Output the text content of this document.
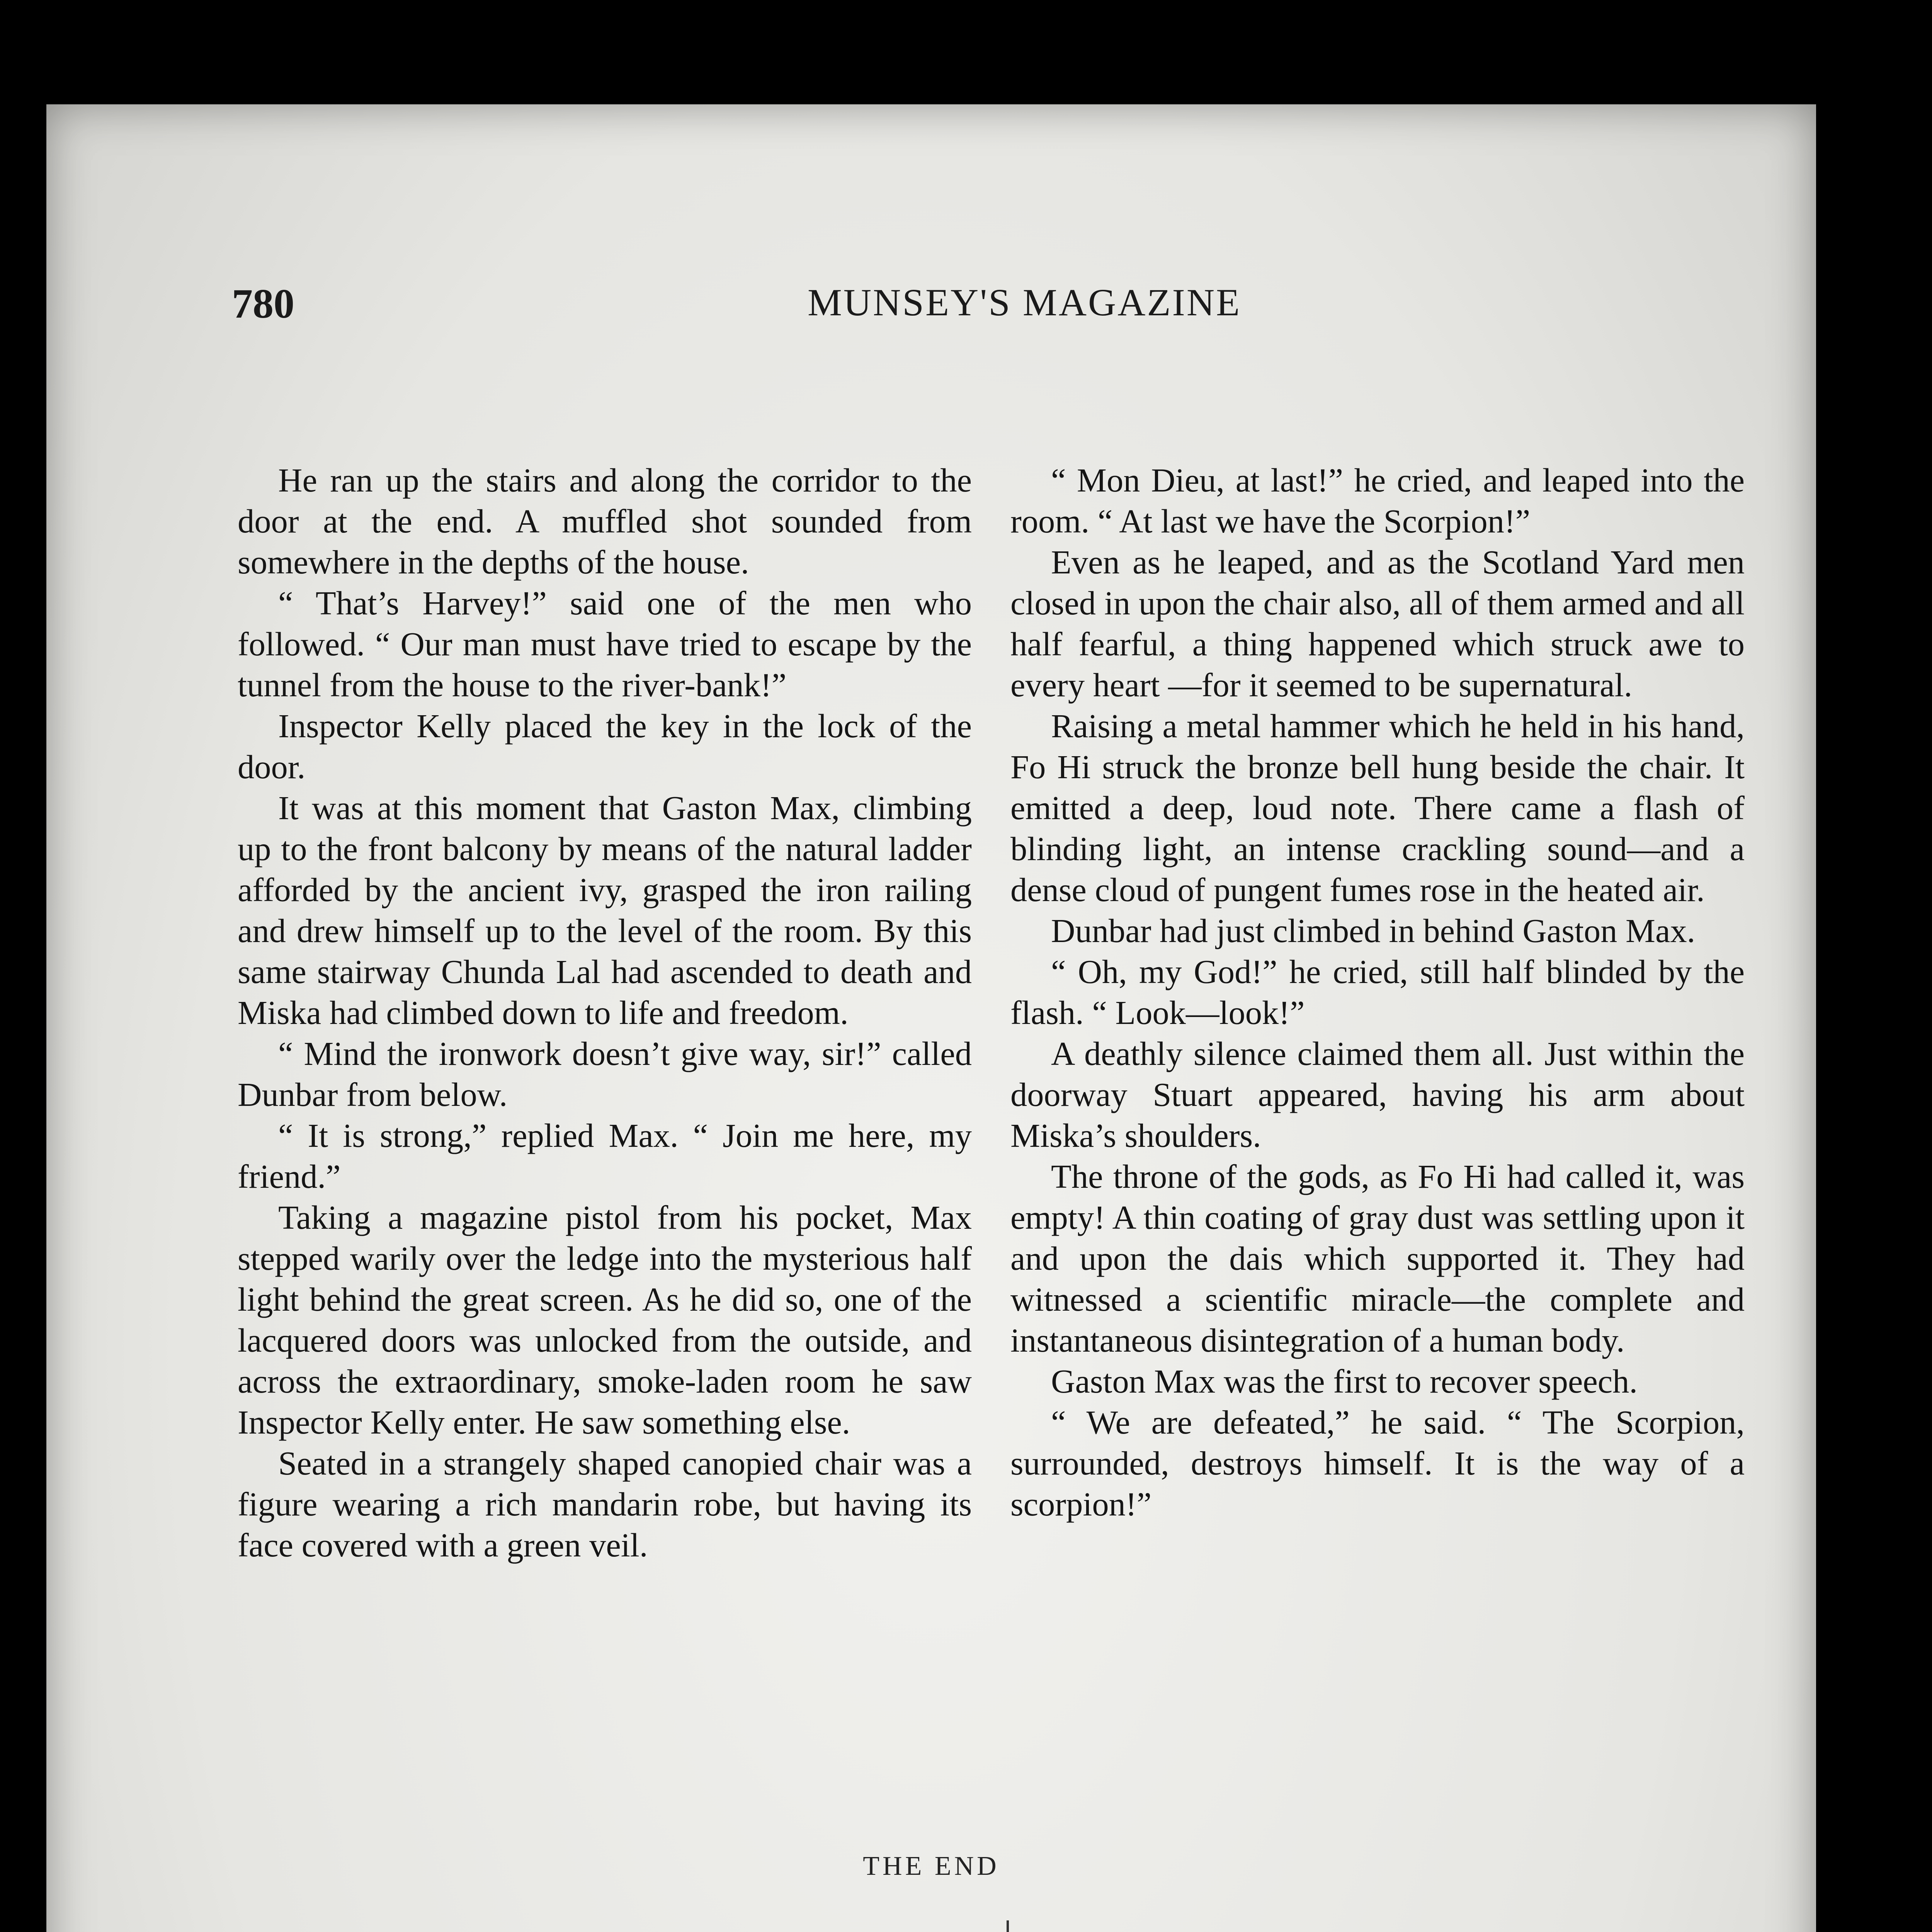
780	MUNSEY'S MAGAZINE

He ran up the stairs and along the corridor to the door at the end. A muffled shot sounded from somewhere in the depths of the house.

“ That’s Harvey!” said one of the men who followed. “ Our man must have tried to escape by the tunnel from the house to the river-bank!”

Inspector Kelly placed the key in the lock of the door.

It was at this moment that Gaston Max, climbing up to the front balcony by means of the natural ladder afforded by the ancient ivy, grasped the iron railing and drew himself up to the level of the room. By this same stairway Chunda Lal had ascended to death and Miska had climbed down to life and freedom.

“ Mind the ironwork doesn’t give way, sir!” called Dunbar from below.

“ It is strong,” replied Max. “ Join me here, my friend.”

Taking a magazine pistol from his pocket, Max stepped warily over the ledge into the mysterious half light behind the great screen. As he did so, one of the lacquered doors was unlocked from the outside, and across the extraordinary, smoke-laden room he saw Inspector Kelly enter. He saw something else.

Seated in a strangely shaped canopied chair was a figure wearing a rich mandarin robe, but having its face covered with a green veil.

“ Mon Dieu, at last!” he cried, and leaped into the room. “ At last we have the Scorpion!”

Even as he leaped, and as the Scotland Yard men closed in upon the chair also, all of them armed and all half fearful, a thing happened which struck awe to every heart —for it seemed to be supernatural.

Raising a metal hammer which he held in his hand, Fo Hi struck the bronze bell hung beside the chair. It emitted a deep, loud note. There came a flash of blinding light, an intense crackling sound—and a dense cloud of pungent fumes rose in the heated air.

Dunbar had just climbed in behind Gaston Max.

“ Oh, my God!” he cried, still half blinded by the flash. “ Look—look!”

A deathly silence claimed them all. Just within the doorway Stuart appeared, having his arm about Miska’s shoulders.

The throne of the gods, as Fo Hi had called it, was empty! A thin coating of gray dust was settling upon it and upon the dais which supported it. They had witnessed a scientific miracle—the complete and instantaneous disintegration of a human body.

Gaston Max was the first to recover speech.

“ We are defeated,” he said. “ The Scorpion, surrounded, destroys himself. It is the way of a scorpion!”

THE END
